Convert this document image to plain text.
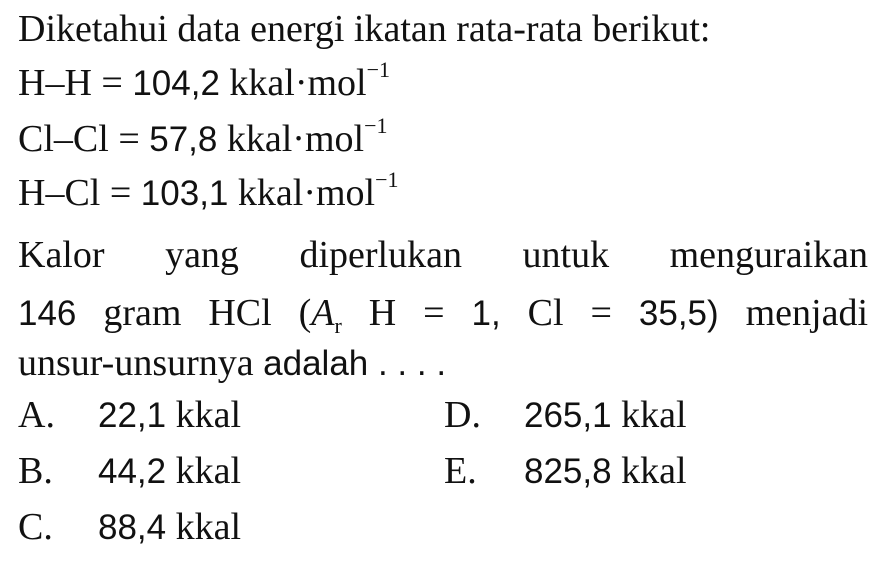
Diketahui data energi ikatan rata-rata berikut:
H–H = 104,2 kkal·mol$^{-1}$
Cl–Cl = 57,8 kkal·mol$^{-1}$
H–Cl = 103,1 kkal·mol$^{-1}$
Kalor yang diperlukan untuk menguraikan
146 gram HCl ($A_r$ H = 1, Cl = 35,5) menjadi
unsur-unsurnya adalah . . . .
A. 22,1 kkal
B. 44,2 kkal
C. 88,4 kkal
D. 265,1 kkal
E. 825,8 kkal
